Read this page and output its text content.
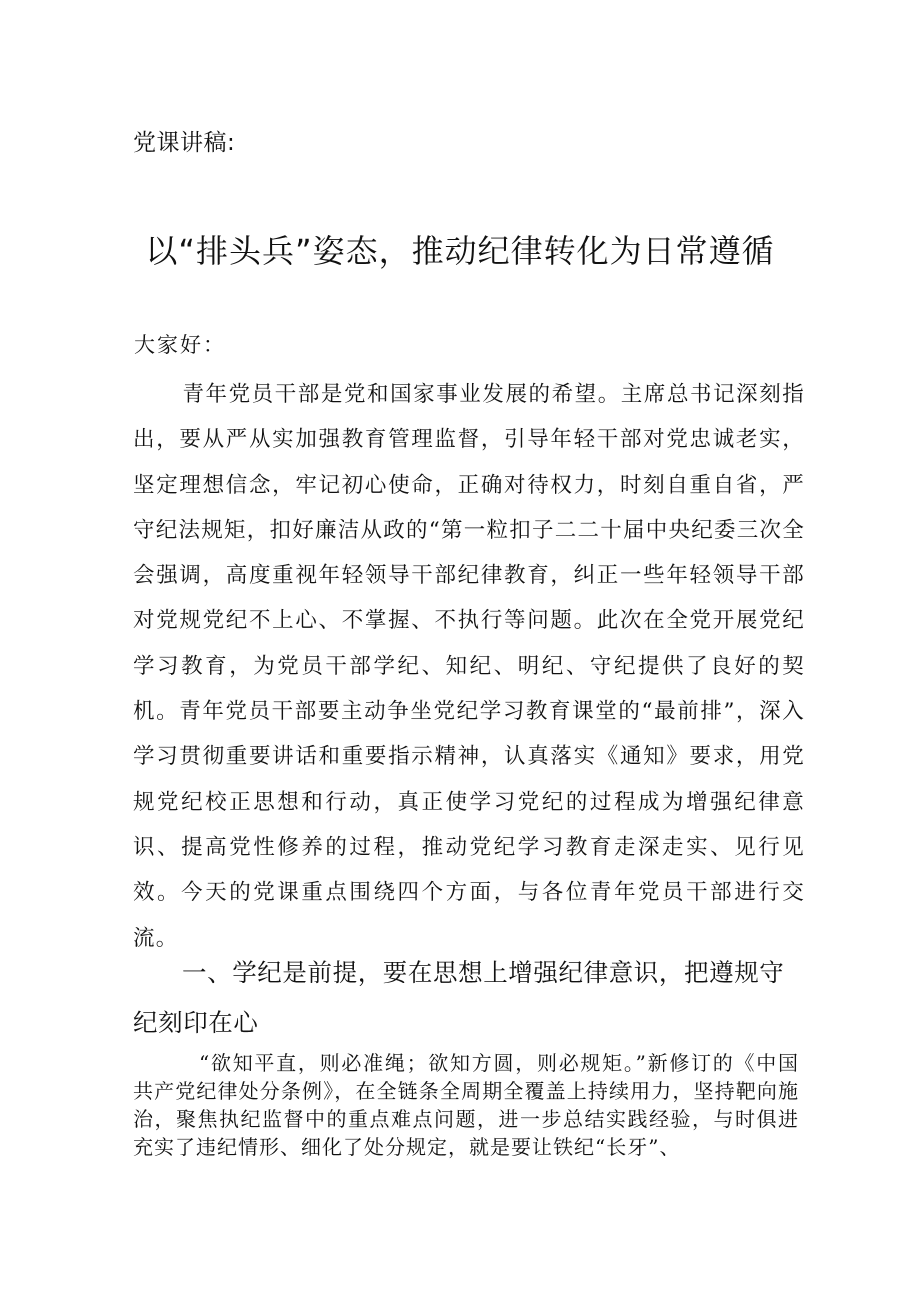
党课讲稿:
以“排头兵”姿态，推动纪律转化为日常遵循
大家好：

青年党员干部是党和国家事业发展的希望。主席总书记深刻指出，要从严从实加强教育管理监督，引导年轻干部对党忠诚老实，坚定理想信念，牢记初心使命，正确对待权力，时刻自重自省，严守纪法规矩，扣好廉洁从政的“第一粒扣子二二十届中央纪委三次全会强调，高度重视年轻领导干部纪律教育，纠正一些年轻领导干部对党规党纪不上心、不掌握、不执行等问题。此次在全党开展党纪学习教育，为党员干部学纪、知纪、明纪、守纪提供了良好的契机。青年党员干部要主动争坐党纪学习教育课堂的“最前排”，深入学习贯彻重要讲话和重要指示精神，认真落实《通知》要求，用党规党纪校正思想和行动，真正使学习党纪的过程成为增强纪律意识、提高党性修养的过程，推动党纪学习教育走深走实、见行见效。今天的党课重点围绕四个方面，与各位青年党员干部进行交流。

一、学纪是前提，要在思想上增强纪律意识，把遵规守纪刻印在心

“欲知平直，则必准绳；欲知方圆，则必规矩。”新修订的《中国共产党纪律处分条例》，在全链条全周期全覆盖上持续用力，坚持靶向施治，聚焦执纪监督中的重点难点问题，进一步总结实践经验，与时俱进充实了违纪情形、细化了处分规定，就是要让铁纪“长牙”、
